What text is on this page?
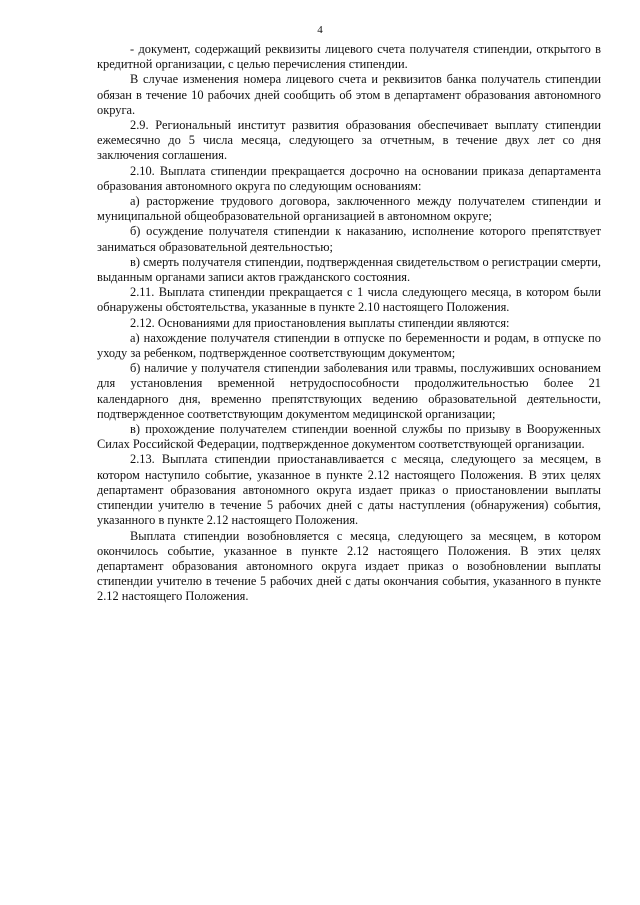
4

- документ, содержащий реквизиты лицевого счета получателя стипендии, открытого в кредитной организации, с целью перечисления стипендии.

В случае изменения номера лицевого счета и реквизитов банка получатель стипендии обязан в течение 10 рабочих дней сообщить об этом в департамент образования автономного округа.

2.9. Региональный институт развития образования обеспечивает выплату стипендии ежемесячно до 5 числа месяца, следующего за отчетным, в течение двух лет со дня заключения соглашения.

2.10. Выплата стипендии прекращается досрочно на основании приказа департамента образования автономного округа по следующим основаниям:

а) расторжение трудового договора, заключенного между получателем стипендии и муниципальной общеобразовательной организацией в автономном округе;

б) осуждение получателя стипендии к наказанию, исполнение которого препятствует заниматься образовательной деятельностью;

в) смерть получателя стипендии, подтвержденная свидетельством о регистрации смерти, выданным органами записи актов гражданского состояния.

2.11. Выплата стипендии прекращается с 1 числа следующего месяца, в котором были обнаружены обстоятельства, указанные в пункте 2.10 настоящего Положения.

2.12. Основаниями для приостановления выплаты стипендии являются:

а) нахождение получателя стипендии в отпуске по беременности и родам, в отпуске по уходу за ребенком, подтвержденное соответствующим документом;

б) наличие у получателя стипендии заболевания или травмы, послуживших основанием для установления временной нетрудоспособности продолжительностью более 21 календарного дня, временно препятствующих ведению образовательной деятельности, подтвержденное соответствующим документом медицинской организации;

в) прохождение получателем стипендии военной службы по призыву в Вооруженных Силах Российской Федерации, подтвержденное документом соответствующей организации.

2.13. Выплата стипендии приостанавливается с месяца, следующего за месяцем, в котором наступило событие, указанное в пункте 2.12 настоящего Положения. В этих целях департамент образования автономного округа издает приказ о приостановлении выплаты стипендии учителю в течение 5 рабочих дней с даты наступления (обнаружения) события, указанного в пункте 2.12 настоящего Положения.

Выплата стипендии возобновляется с месяца, следующего за месяцем, в котором окончилось событие, указанное в пункте 2.12 настоящего Положения. В этих целях департамент образования автономного округа издает приказ о возобновлении выплаты стипендии учителю в течение 5 рабочих дней с даты окончания события, указанного в пункте 2.12 настоящего Положения.
